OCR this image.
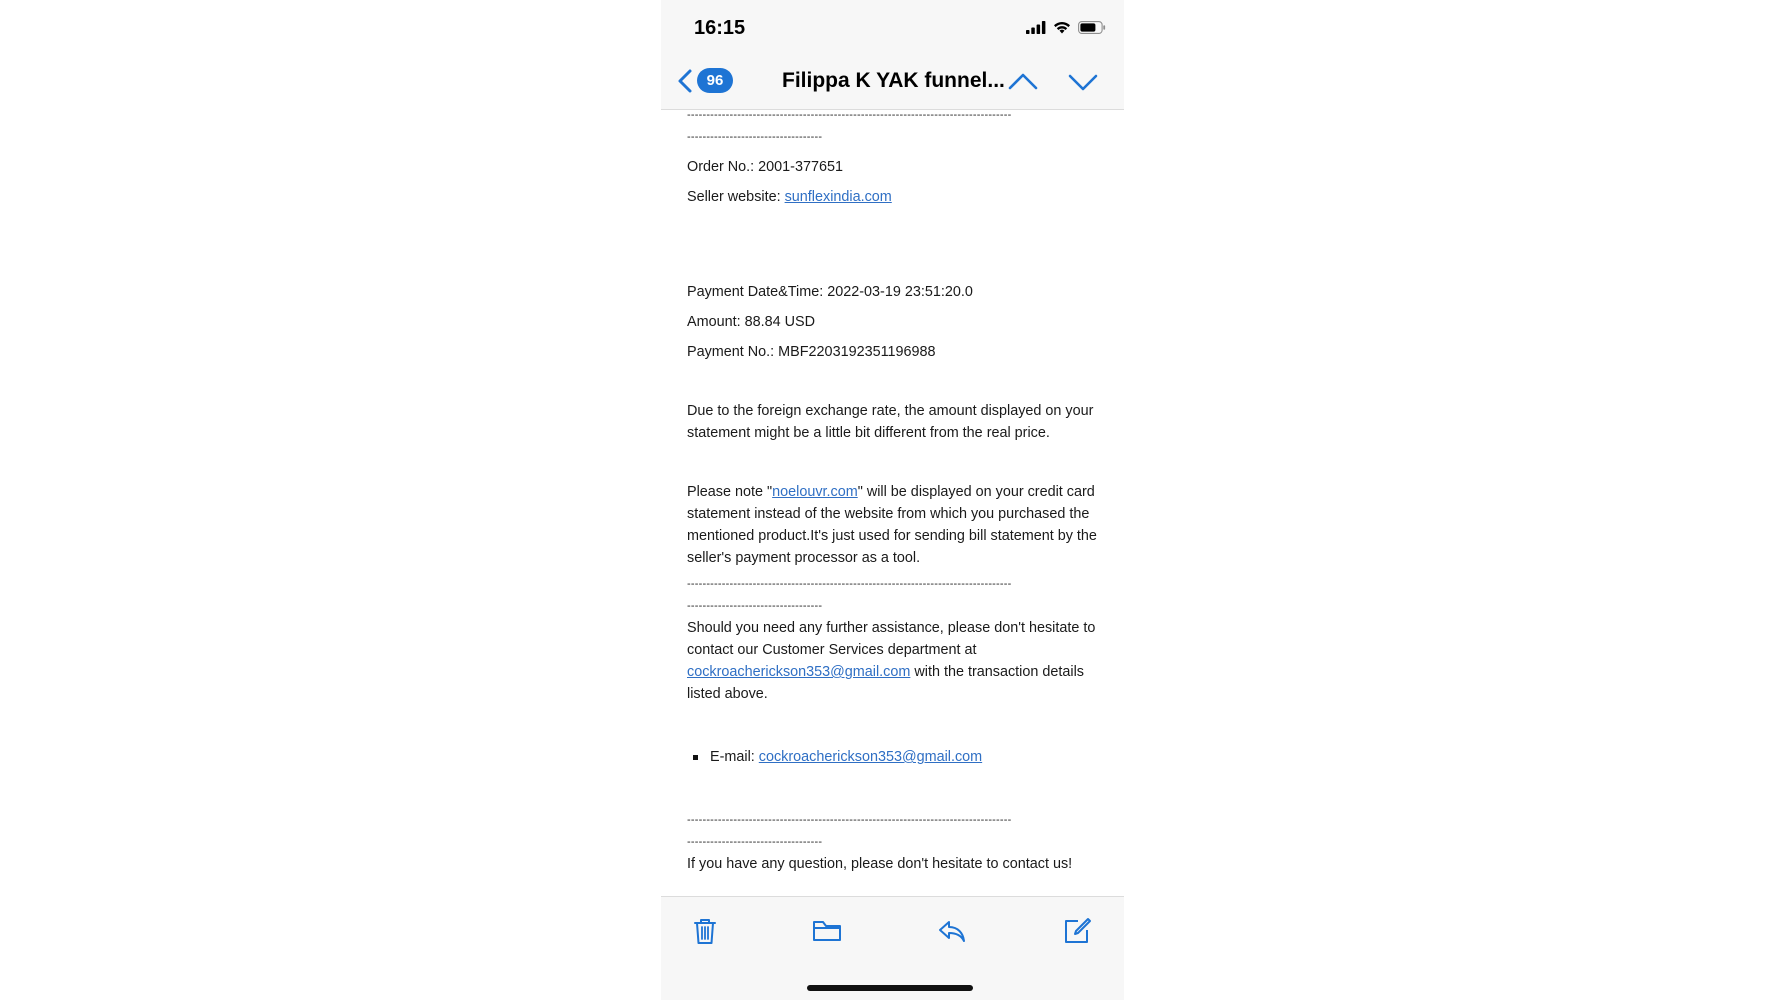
16:15
96	Filippa K YAK funnel...
------------------------------------------------------------------------------------
-----------------------------------

Order No.: 2001-377651

Seller website: sunflexindia.com

Payment Date&Time: 2022-03-19 23:51:20.0

Amount: 88.84 USD

Payment No.: MBF2203192351196988

Due to the foreign exchange rate, the amount displayed on your statement might be a little bit different from the real price.

Please note "noelouvr.com" will be displayed on your credit card statement instead of the website from which you purchased the mentioned product.It's just used for sending bill statement by the seller's payment processor as a tool.

------------------------------------------------------------------------------------
-----------------------------------

Should you need any further assistance, please don't hesitate to contact our Customer Services department at cockroacherickson353@gmail.com with the transaction details listed above.

E-mail:
cockroacherickson353@gmail.com
------------------------------------------------------------------------------------
-----------------------------------

If you have any question, please don't hesitate to contact us!
